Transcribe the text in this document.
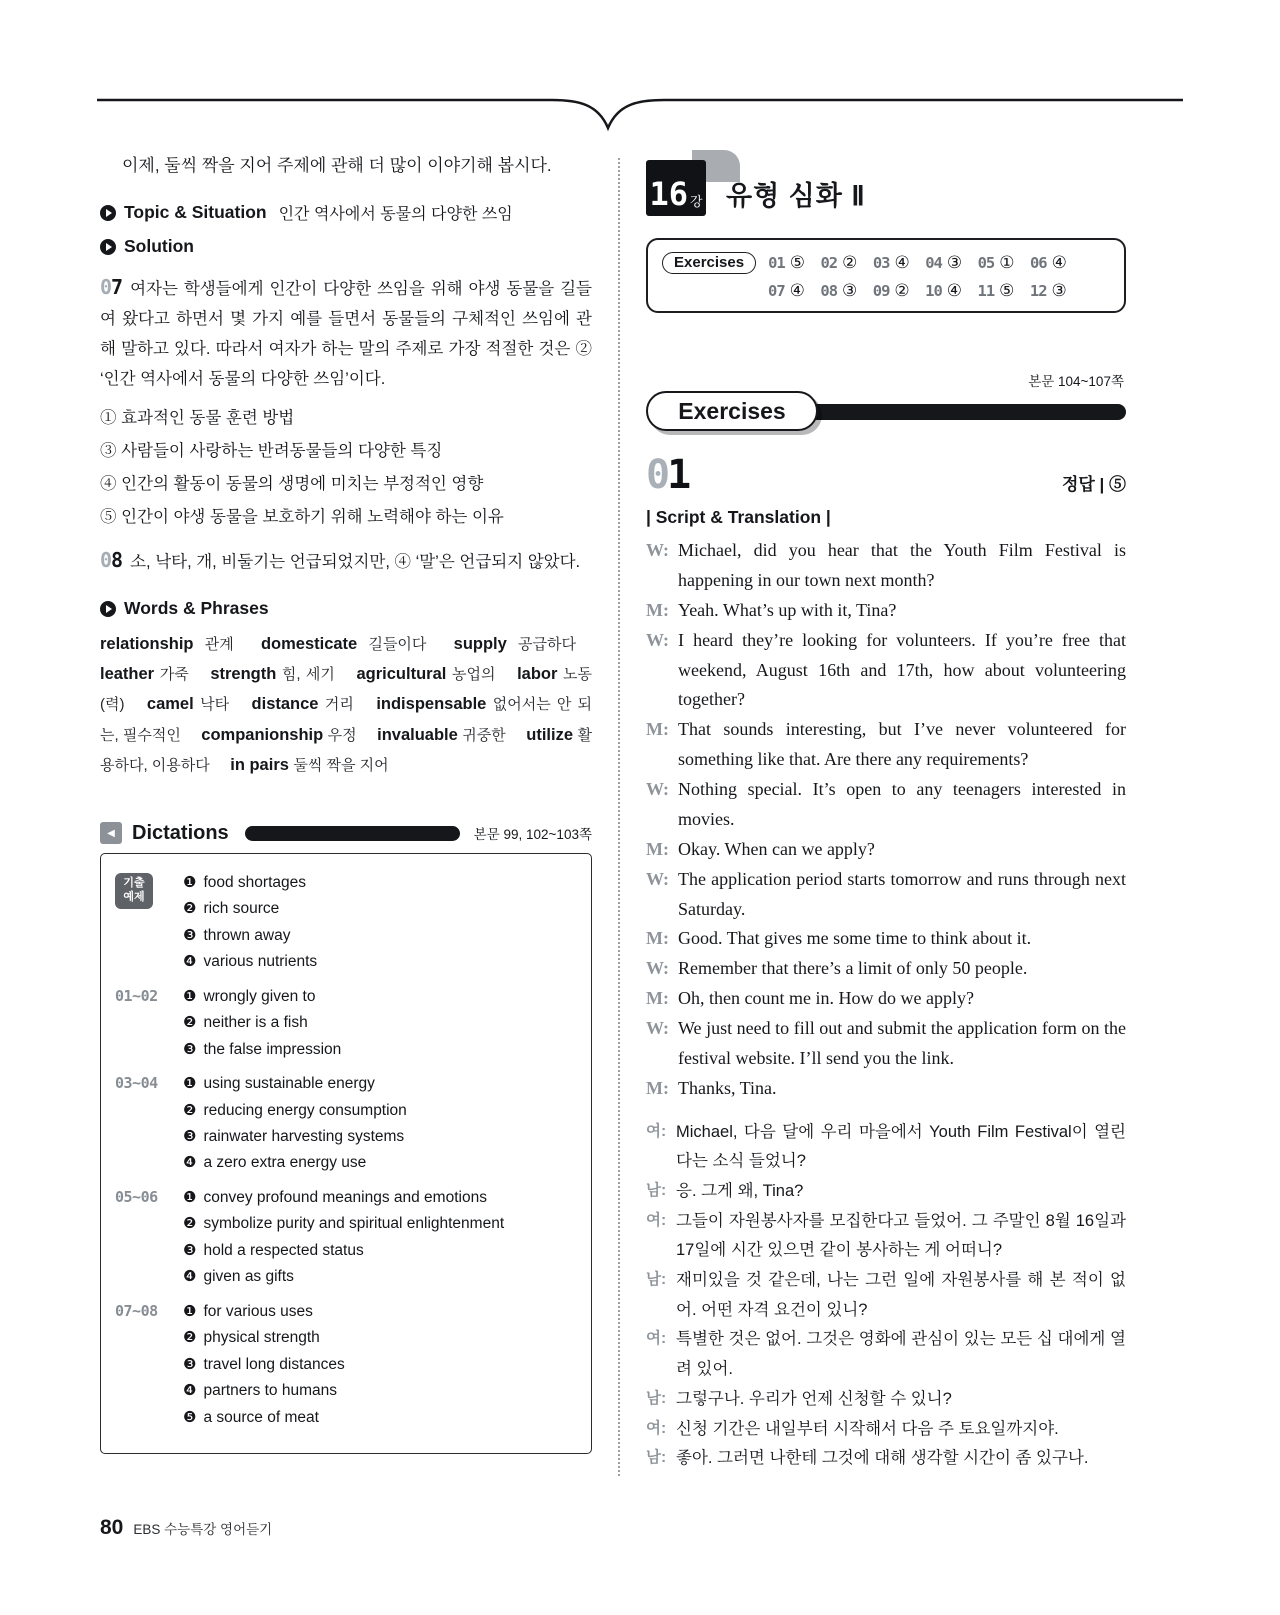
이제, 둘씩 짝을 지어 주제에 관해 더 많이 이야기해 봅시다.

Topic & Situation 인간 역사에서 동물의 다양한 쓰임
Solution

07 여자는 학생들에게 인간이 다양한 쓰임을 위해 야생 동물을 길들여 왔다고 하면서 몇 가지 예를 들면서 동물들의 구체적인 쓰임에 관해 말하고 있다. 따라서 여자가 하는 말의 주제로 가장 적절한 것은 ② ‘인간 역사에서 동물의 다양한 쓰임’이다.

① 효과적인 동물 훈련 방법
③ 사람들이 사랑하는 반려동물들의 다양한 특징
④ 인간의 활동이 동물의 생명에 미치는 부정적인 영향
⑤ 인간이 야생 동물을 보호하기 위해 노력해야 하는 이유

08 소, 낙타, 개, 비둘기는 언급되었지만, ④ ‘말’은 언급되지 않았다.

Words & Phrases

relationship 관계 domesticate 길들이다 supply 공급하다 leather 가죽 strength 힘, 세기 agricultural 농업의 labor 노동(력) camel 낙타 distance 거리 indispensable 없어서는 안 되는, 필수적인 companionship 우정 invaluable 귀중한 utilize 활용하다, 이용하다 in pairs 둘씩 짝을 지어

◀ Dictations	본문 99, 102~103쪽
기출
예제
❶ food shortages
❷ rich source
❸ thrown away
❹ various nutrients
01~02	❶ wrongly given to
❷ neither is a fish
❸ the false impression
03~04	❶ using sustainable energy
❷ reducing energy consumption
❸ rainwater harvesting systems
❹ a zero extra energy use
05~06	❶ convey profound meanings and emotions
❷ symbolize purity and spiritual enlightenment
❸ hold a respected status
❹ given as gifts
07~08	❶ for various uses
❷ physical strength
❸ travel long distances
❹ partners to humans
❺ a source of meat
16 강 유형 심화 Ⅱ
Exercises	01 ⑤
02 ②
03 ④
04 ③
05 ①
06 ④
07 ④
08 ③
09 ②
10 ④
11 ⑤
12 ③
본문 104~107쪽
Exercises
01	정답 | ⑤
| Script & Translation |
W: Michael, did you hear that the Youth Film Festival is happening in our town next month?
M: Yeah. What’s up with it, Tina?
W: I heard they’re looking for volunteers. If you’re free that weekend, August 16th and 17th, how about volunteering together?
M: That sounds interesting, but I’ve never volunteered for something like that. Are there any requirements?
W: Nothing special. It’s open to any teenagers interested in movies.
M: Okay. When can we apply?
W: The application period starts tomorrow and runs through next Saturday.
M: Good. That gives me some time to think about it.
W: Remember that there’s a limit of only 50 people.
M: Oh, then count me in. How do we apply?
W: We just need to fill out and submit the application form on the festival website. I’ll send you the link.
M: Thanks, Tina.
여: Michael, 다음 달에 우리 마을에서 Youth Film Festival이 열린다는 소식 들었니?
남: 응. 그게 왜, Tina?
여: 그들이 자원봉사자를 모집한다고 들었어. 그 주말인 8월 16일과 17일에 시간 있으면 같이 봉사하는 게 어떠니?
남: 재미있을 것 같은데, 나는 그런 일에 자원봉사를 해 본 적이 없어. 어떤 자격 요건이 있니?
여: 특별한 것은 없어. 그것은 영화에 관심이 있는 모든 십 대에게 열려 있어.
남: 그렇구나. 우리가 언제 신청할 수 있니?
여: 신청 기간은 내일부터 시작해서 다음 주 토요일까지야.
남: 좋아. 그러면 나한테 그것에 대해 생각할 시간이 좀 있구나.
80 EBS 수능특강 영어듣기
